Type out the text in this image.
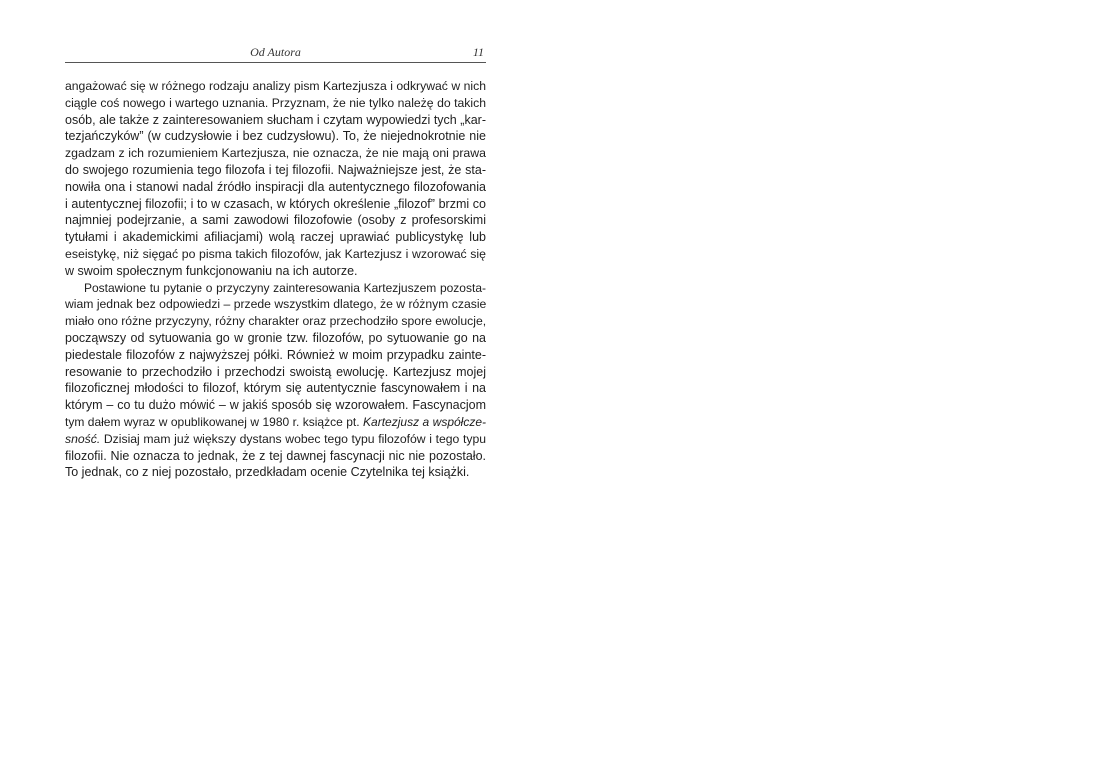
Od Autora	11
angażować się w różnego rodzaju analizy pism Kartezjusza i odkrywać w nich
ciągle coś nowego i wartego uznania. Przyznam, że nie tylko należę do takich
osób, ale także z zainteresowaniem słucham i czytam wypowiedzi tych „kar-
tezjańczyków” (w cudzysłowie i bez cudzysłowu). To, że niejednokrotnie nie
zgadzam z ich rozumieniem Kartezjusza, nie oznacza, że nie mają oni prawa
do swojego rozumienia tego filozofa i tej filozofii. Najważniejsze jest, że sta-
nowiła ona i stanowi nadal źródło inspiracji dla autentycznego filozofowania
i autentycznej filozofii; i to w czasach, w których określenie „filozof” brzmi co
najmniej podejrzanie, a sami zawodowi filozofowie (osoby z profesorskimi
tytułami i akademickimi afiliacjami) wolą raczej uprawiać publicystykę lub
eseistykę, niż sięgać po pisma takich filozofów, jak Kartezjusz i wzorować się
w swoim społecznym funkcjonowaniu na ich autorze.
Postawione tu pytanie o przyczyny zainteresowania Kartezjuszem pozosta-
wiam jednak bez odpowiedzi – przede wszystkim dlatego, że w różnym czasie
miało ono różne przyczyny, różny charakter oraz przechodziło spore ewolucje,
począwszy od sytuowania go w gronie tzw. filozofów, po sytuowanie go na
piedestale filozofów z najwyższej półki. Również w moim przypadku zainte-
resowanie to przechodziło i przechodzi swoistą ewolucję. Kartezjusz mojej
filozoficznej młodości to filozof, którym się autentycznie fascynowałem i na
którym – co tu dużo mówić – w jakiś sposób się wzorowałem. Fascynacjom
tym dałem wyraz w opublikowanej w 1980 r. książce pt. Kartezjusz a współcze-
sność. Dzisiaj mam już większy dystans wobec tego typu filozofów i tego typu
filozofii. Nie oznacza to jednak, że z tej dawnej fascynacji nic nie pozostało.
To jednak, co z niej pozostało, przedkładam ocenie Czytelnika tej książki.
